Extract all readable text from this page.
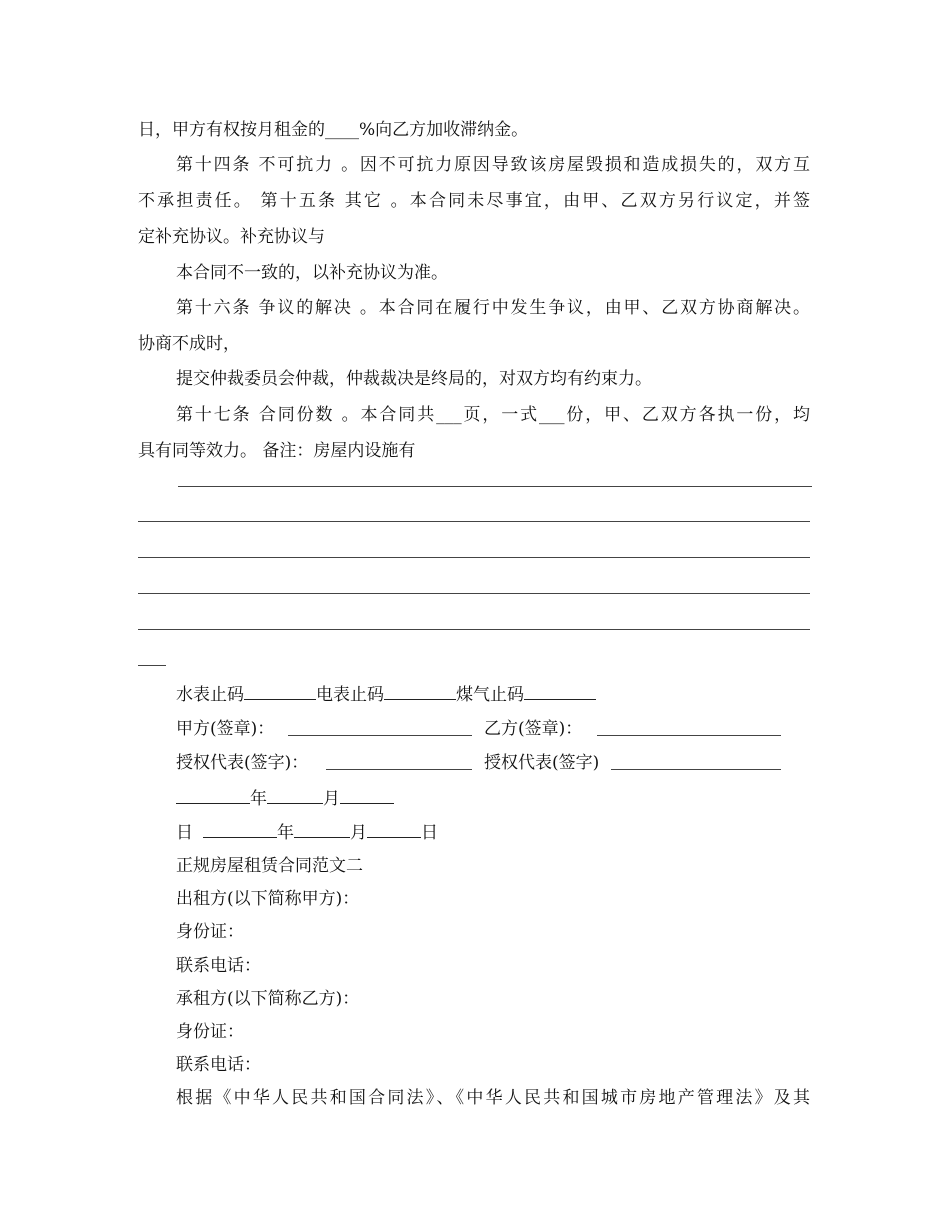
日，甲方有权按月租金的____%向乙方加收滞纳金。
第十四条 不可抗力 。因不可抗力原因导致该房屋毁损和造成损失的，双方互
不承担责任。 第十五条 其它 。本合同未尽事宜，由甲、乙双方另行议定，并签
定补充协议。补充协议与
本合同不一致的，以补充协议为准。
第十六条 争议的解决 。本合同在履行中发生争议，由甲、乙双方协商解决。
协商不成时，
提交仲裁委员会仲裁，仲裁裁决是终局的，对双方均有约束力。
第十七条 合同份数 。本合同共___页，一式___份，甲、乙双方各执一份，均
具有同等效力。 备注：房屋内设施有
水表止码	电表止码	煤气止码
甲方(签章)：	乙方(签章)：
授权代表(签字)：	授权代表(签字)
年	月
日	年	月	日
正规房屋租赁合同范文二
出租方(以下简称甲方)：
身份证：
联系电话：
承租方(以下简称乙方)：
身份证：
联系电话：
根据《中华人民共和国合同法》、《中华人民共和国城市房地产管理法》及其
